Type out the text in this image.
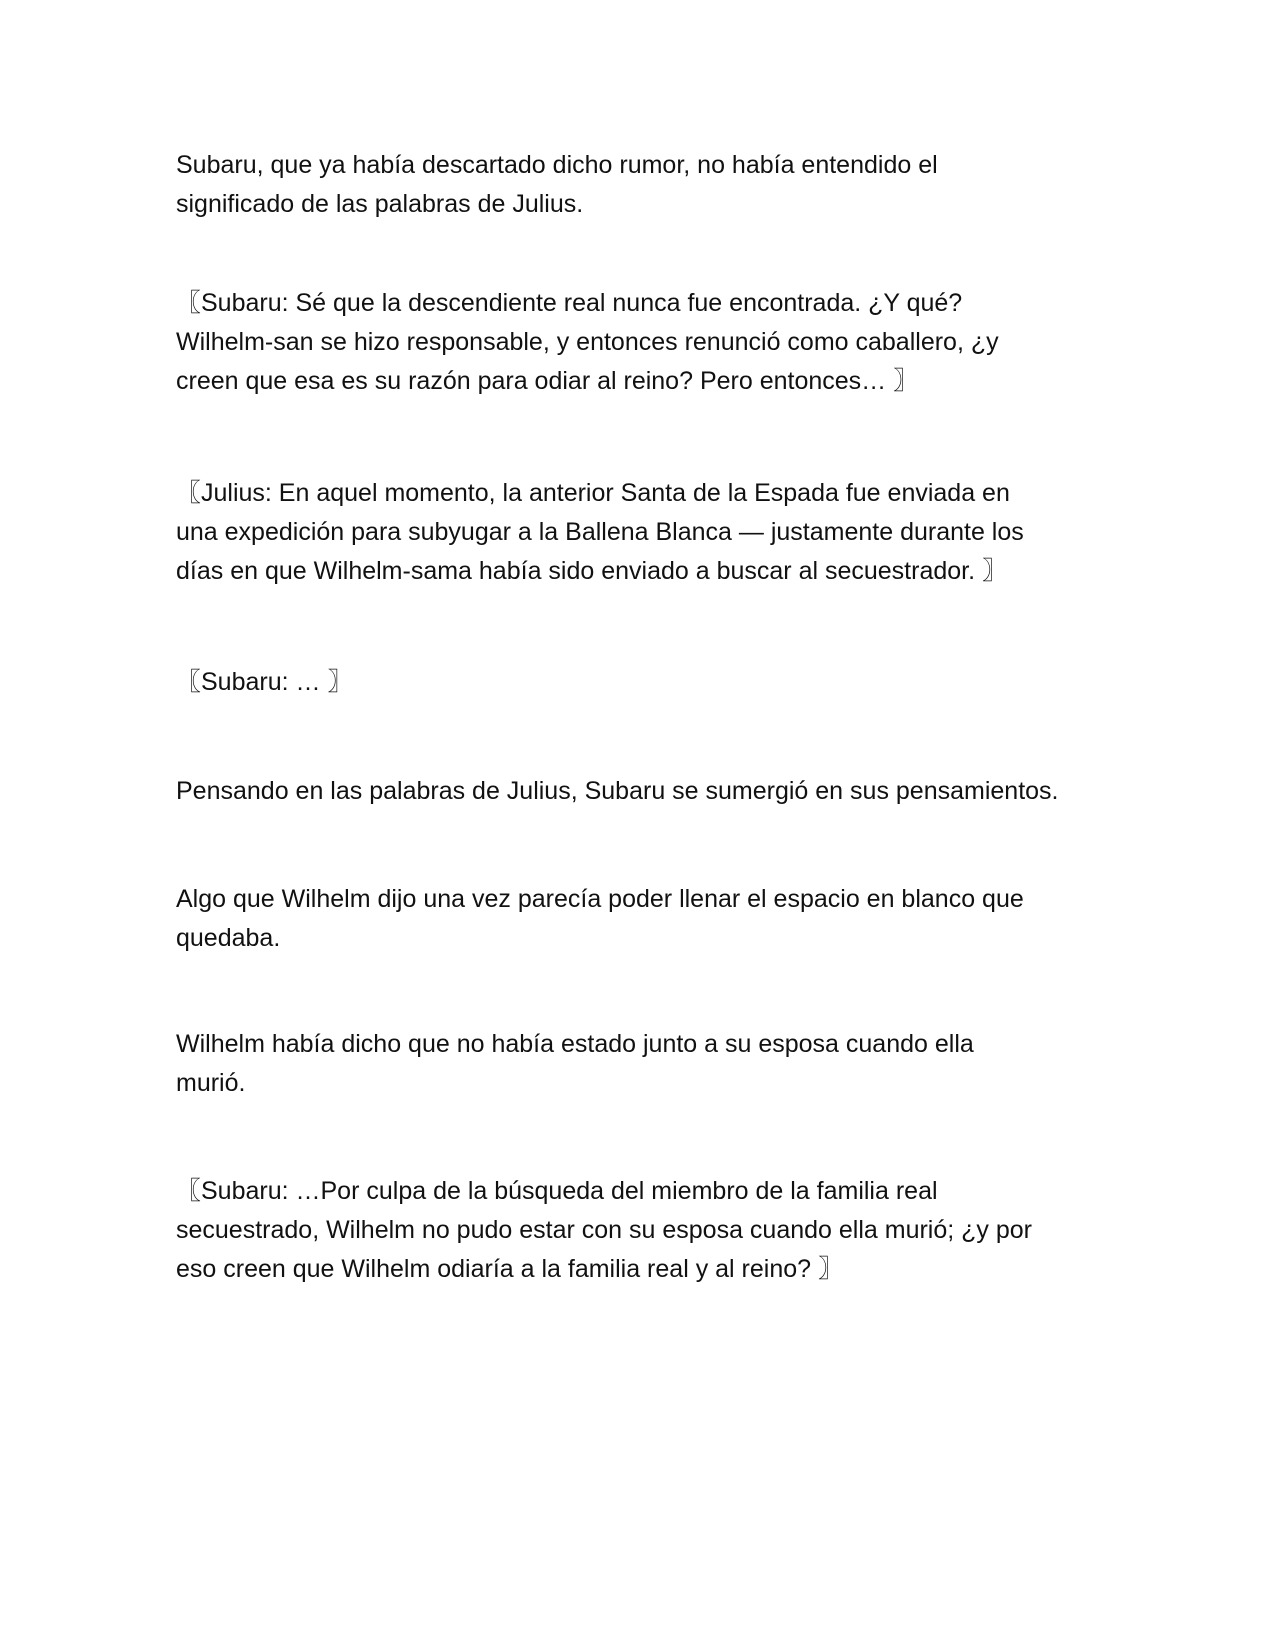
Subaru, que ya había descartado dicho rumor, no había entendido el
significado de las palabras de Julius.

〖Subaru: Sé que la descendiente real nunca fue encontrada. ¿Y qué?
Wilhelm-san se hizo responsable, y entonces renunció como caballero, ¿y
creen que esa es su razón para odiar al reino? Pero entonces… 〗

〖Julius: En aquel momento, la anterior Santa de la Espada fue enviada en
una expedición para subyugar a la Ballena Blanca — justamente durante los
días en que Wilhelm-sama había sido enviado a buscar al secuestrador. 〗

〖Subaru: … 〗

Pensando en las palabras de Julius, Subaru se sumergió en sus pensamientos.

Algo que Wilhelm dijo una vez parecía poder llenar el espacio en blanco que
quedaba.

Wilhelm había dicho que no había estado junto a su esposa cuando ella
murió.

〖Subaru: …Por culpa de la búsqueda del miembro de la familia real
secuestrado, Wilhelm no pudo estar con su esposa cuando ella murió; ¿y por
eso creen que Wilhelm odiaría a la familia real y al reino? 〗
